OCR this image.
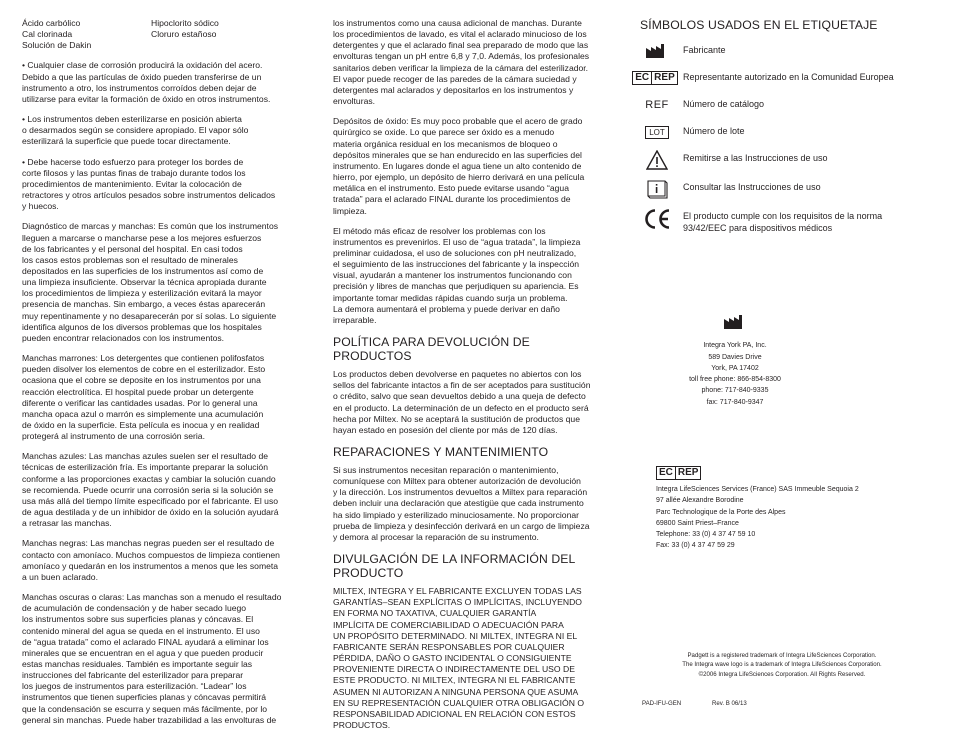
Ácido carbólico	Hipoclorito sódico
Cal clorinada	Cloruro estañoso
Solución de Dakin

• Cualquier clase de corrosión producirá la oxidación del acero.
Debido a que las partículas de óxido pueden transferirse de un
instrumento a otro, los instrumentos corroídos deben dejar de
utilizarse para evitar la formación de óxido en otros instrumentos.

• Los instrumentos deben esterilizarse en posición abierta
o desarmados según se considere apropiado. El vapor sólo
esterilizará la superficie que puede tocar directamente.

• Debe hacerse todo esfuerzo para proteger los bordes de
corte filosos y las puntas finas de trabajo durante todos los
procedimientos de mantenimiento. Evitar la colocación de
retractores y otros artículos pesados sobre instrumentos delicados
y huecos.

Diagnóstico de marcas y manchas: Es común que los instrumentos
lleguen a marcarse o mancharse pese a los mejores esfuerzos
de los fabricantes y el personal del hospital. En casi todos
los casos estos problemas son el resultado de minerales
depositados en las superficies de los instrumentos así como de
una limpieza insuficiente. Observar la técnica apropiada durante
los procedimientos de limpieza y esterilización evitará la mayor
presencia de manchas. Sin embargo, a veces éstas aparecerán
muy repentinamente y no desaparecerán por sí solas. Lo siguiente
identifica algunos de los diversos problemas que los hospitales
pueden encontrar relacionados con los instrumentos.

Manchas marrones: Los detergentes que contienen polifosfatos
pueden disolver los elementos de cobre en el esterilizador. Esto
ocasiona que el cobre se deposite en los instrumentos por una
reacción electrolítica. El hospital puede probar un detergente
diferente o verificar las cantidades usadas. Por lo general una
mancha opaca azul o marrón es simplemente una acumulación
de óxido en la superficie. Esta película es inocua y en realidad
protegerá al instrumento de una corrosión seria.

Manchas azules: Las manchas azules suelen ser el resultado de
técnicas de esterilización fría. Es importante preparar la solución
conforme a las proporciones exactas y cambiar la solución cuando
se recomienda. Puede ocurrir una corrosión seria si la solución se
usa más allá del tiempo límite especificado por el fabricante. El uso
de agua destilada y de un inhibidor de óxido en la solución ayudará
a retrasar las manchas.

Manchas negras: Las manchas negras pueden ser el resultado de
contacto con amoníaco. Muchos compuestos de limpieza contienen
amoníaco y quedarán en los instrumentos a menos que les someta
a un buen aclarado.

Manchas oscuras o claras: Las manchas son a menudo el resultado
de acumulación de condensación y de haber secado luego
los instrumentos sobre sus superficies planas y cóncavas. El
contenido mineral del agua se queda en el instrumento. El uso
de “agua tratada” como el aclarado FINAL ayudará a eliminar los
minerales que se encuentran en el agua y que pueden producir
estas manchas residuales. También es importante seguir las
instrucciones del fabricante del esterilizador para preparar
los juegos de instrumentos para esterilización. “Ladear” los
instrumentos que tienen superficies planas y cóncavas permitirá
que la condensación se escurra y sequen más fácilmente, por lo
general sin manchas. Puede haber trazabilidad a las envolturas de

los instrumentos como una causa adicional de manchas. Durante
los procedimientos de lavado, es vital el aclarado minucioso de los
detergentes y que el aclarado final sea preparado de modo que las
envolturas tengan un pH entre 6,8 y 7,0. Además, los profesionales
sanitarios deben verificar la limpieza de la cámara del esterilizador.
El vapor puede recoger de las paredes de la cámara suciedad y
detergentes mal aclarados y depositarlos en los instrumentos y
envolturas.

Depósitos de óxido: Es muy poco probable que el acero de grado
quirúrgico se oxide. Lo que parece ser óxido es a menudo
materia orgánica residual en los mecanismos de bloqueo o
depósitos minerales que se han endurecido en las superficies del
instrumento. En lugares donde el agua tiene un alto contenido de
hierro, por ejemplo, un depósito de hierro derivará en una película
metálica en el instrumento. Esto puede evitarse usando “agua
tratada” para el aclarado FINAL durante los procedimientos de
limpieza.

El método más eficaz de resolver los problemas con los
instrumentos es prevenirlos. El uso de “agua tratada”, la limpieza
preliminar cuidadosa, el uso de soluciones con pH neutralizado,
el seguimiento de las instrucciones del fabricante y la inspección
visual, ayudarán a mantener los instrumentos funcionando con
precisión y libres de manchas que perjudiquen su apariencia. Es
importante tomar medidas rápidas cuando surja un problema.
La demora aumentará el problema y puede derivar en daño
irreparable.

POLÍTICA PARA DEVOLUCIÓN DE PRODUCTOS

Los productos deben devolverse en paquetes no abiertos con los
sellos del fabricante intactos a fin de ser aceptados para sustitución
o crédito, salvo que sean devueltos debido a una queja de defecto
en el producto. La determinación de un defecto en el producto será
hecha por Miltex. No se aceptará la sustitución de productos que
hayan estado en posesión del cliente por más de 120 días.

REPARACIONES Y MANTENIMIENTO

Si sus instrumentos necesitan reparación o mantenimiento,
comuníquese con Miltex para obtener autorización de devolución
y la dirección. Los instrumentos devueltos a Miltex para reparación
deben incluir una declaración que atestigüe que cada instrumento
ha sido limpiado y esterilizado minuciosamente. No proporcionar
prueba de limpieza y desinfección derivará en un cargo de limpieza
y demora al procesar la reparación de su instrumento.

DIVULGACIÓN DE LA INFORMACIÓN DEL PRODUCTO

MILTEX, INTEGRA Y EL FABRICANTE EXCLUYEN TODAS LAS
GARANTÍAS–SEAN EXPLÍCITAS O IMPLÍCITAS, INCLUYENDO
EN FORMA NO TAXATIVA, CUALQUIER GARANTÍA
IMPLÍCITA DE COMERCIABILIDAD O ADECUACIÓN PARA
UN PROPÓSITO DETERMINADO. NI MILTEX, INTEGRA NI EL
FABRICANTE SERÁN RESPONSABLES POR CUALQUIER
PÉRDIDA, DAÑO O GASTO INCIDENTAL O CONSIGUIENTE
PROVENIENTE DIRECTA O INDIRECTAMENTE DEL USO DE
ESTE PRODUCTO. NI MILTEX, INTEGRA NI EL FABRICANTE
ASUMEN NI AUTORIZAN A NINGUNA PERSONA QUE ASUMA
EN SU REPRESENTACIÓN CUALQUIER OTRA OBLIGACIÓN O
RESPONSABILIDAD ADICIONAL EN RELACIÓN CON ESTOS
PRODUCTOS.

SÍMBOLOS USADOS EN EL ETIQUETAJE
Fabricante
EC REP Representante autorizado en la Comunidad Europea
REF Número de catálogo
LOT	Número de lote
Remitirse a las Instrucciones de uso
Consultar las Instrucciones de uso
El producto cumple con los requisitos de la norma
93/42/EEC para dispositivos médicos
Integra York PA, Inc.
589 Davies Drive
York, PA 17402
toll free phone: 866-854-8300
phone: 717-840-9335
fax: 717-840-9347
EC REP
Integra LifeSciences Services (France) SAS Immeuble Sequoia 2
97 allée Alexandre Borodine
Parc Technologique de la Porte des Alpes
69800 Saint Priest–France
Telephone: 33 (0) 4 37 47 59 10
Fax: 33 (0) 4 37 47 59 29
Padgett is a registered trademark of Integra LifeSciences Corporation.
The Integra wave logo is a trademark of Integra LifeSciences Corporation.
©2006 Integra LifeSciences Corporation. All Rights Reserved.
PAD-IFU-GEN	Rev. B 06/13
